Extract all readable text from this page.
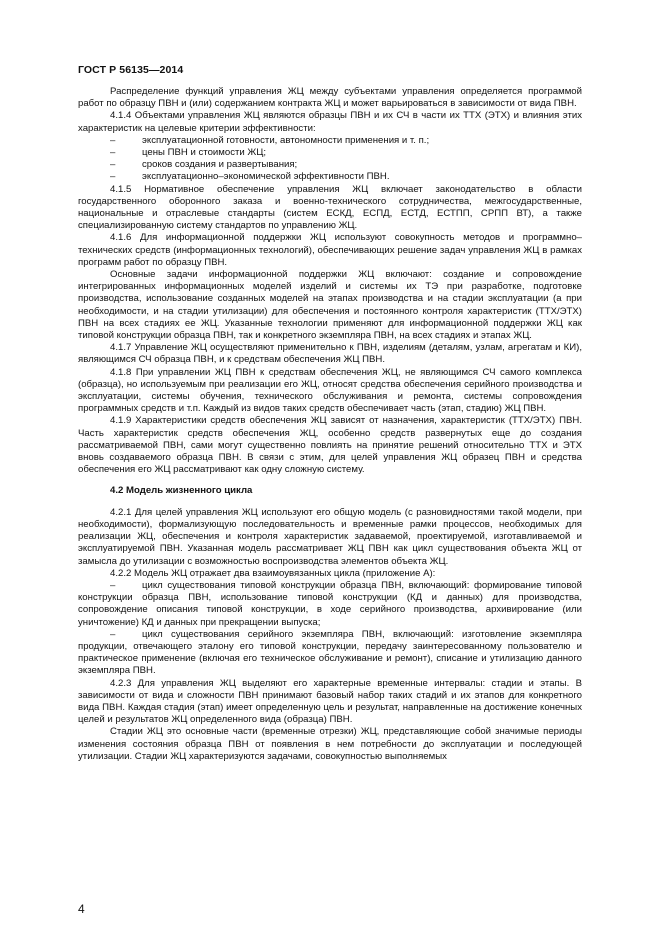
ГОСТ Р 56135—2014

Распределение функций управления ЖЦ между субъектами управления определяется программой работ по образцу ПВН и (или) содержанием контракта ЖЦ и может варьироваться в зависимости от вида ПВН.

4.1.4 Объектами управления ЖЦ являются образцы ПВН и их СЧ в части их ТТХ (ЭТХ) и влияния этих характеристик на целевые критерии эффективности:

–	эксплуатационной готовности, автономности применения и т. п.;
–	цены ПВН и стоимости ЖЦ;
–	сроков создания и развертывания;
–	эксплуатационно–экономической эффективности ПВН.

4.1.5 Нормативное обеспечение управления ЖЦ включает законодательство в области государственного оборонного заказа и военно-технического сотрудничества, межгосударственные, национальные и отраслевые стандарты (систем ЕСКД, ЕСПД, ЕСТД, ЕСТПП, СРПП ВТ), а также специализированную систему стандартов по управлению ЖЦ.

4.1.6 Для информационной поддержки ЖЦ используют совокупность методов и программно–технических средств (информационных технологий), обеспечивающих решение задач управления ЖЦ в рамках программ работ по образцу ПВН.

Основные задачи информационной поддержки ЖЦ включают: создание и сопровождение интегрированных информационных моделей изделий и системы их ТЭ при разработке, подготовке производства, использование созданных моделей на этапах производства и на стадии эксплуатации (а при необходимости, и на стадии утилизации) для обеспечения и постоянного контроля характеристик (ТТХ/ЭТХ) ПВН на всех стадиях ее ЖЦ. Указанные технологии применяют для информационной поддержки ЖЦ как типовой конструкции образца ПВН, так и конкретного экземпляра ПВН, на всех стадиях и этапах ЖЦ.

4.1.7 Управление ЖЦ осуществляют применительно к ПВН, изделиям (деталям, узлам, агрегатам и КИ), являющимся СЧ образца ПВН, и к средствам обеспечения ЖЦ ПВН.

4.1.8 При управлении ЖЦ ПВН к средствам обеспечения ЖЦ, не являющимся СЧ самого комплекса (образца), но используемым при реализации его ЖЦ, относят средства обеспечения серийного производства и эксплуатации, системы обучения, технического обслуживания и ремонта, системы сопровождения программных средств и т.п. Каждый из видов таких средств обеспечивает часть (этап, стадию) ЖЦ ПВН.

4.1.9 Характеристики средств обеспечения ЖЦ зависят от назначения, характеристик (ТТХ/ЭТХ) ПВН. Часть характеристик средств обеспечения ЖЦ, особенно средств развернутых еще до создания рассматриваемой ПВН, сами могут существенно повлиять на принятие решений относительно ТТХ и ЭТХ вновь создаваемого образца ПВН. В связи с этим, для целей управления ЖЦ образец ПВН и средства обеспечения его ЖЦ рассматривают как одну сложную систему.

4.2 Модель жизненного цикла

4.2.1 Для целей управления ЖЦ используют его общую модель (с разновидностями такой модели, при необходимости), формализующую последовательность и временные рамки процессов, необходимых для реализации ЖЦ, обеспечения и контроля характеристик задаваемой, проектируемой, изготавливаемой и эксплуатируемой ПВН. Указанная модель рассматривает ЖЦ ПВН как цикл существования объекта ЖЦ от замысла до утилизации с возможностью воспроизводства элементов объекта ЖЦ.

4.2.2 Модель ЖЦ отражает два взаимоувязанных цикла (приложение А):

–	цикл существования типовой конструкции образца ПВН, включающий: формирование типовой конструкции образца ПВН, использование типовой конструкции (КД и данных) для производства, сопровождение описания типовой конструкции, в ходе серийного производства, архивирование (или уничтожение) КД и данных при прекращении выпуска;
–	цикл существования серийного экземпляра ПВН, включающий: изготовление экземпляра продукции, отвечающего эталону его типовой конструкции, передачу заинтересованному пользователю и практическое применение (включая его техническое обслуживание и ремонт), списание и утилизацию данного экземпляра ПВН.

4.2.3 Для управления ЖЦ выделяют его характерные временные интервалы: стадии и этапы. В зависимости от вида и сложности ПВН принимают базовый набор таких стадий и их этапов для конкретного вида ПВН. Каждая стадия (этап) имеет определенную цель и результат, направленные на достижение конечных целей и результатов ЖЦ определенного вида (образца) ПВН.

Стадии ЖЦ это основные части (временные отрезки) ЖЦ, представляющие собой значимые периоды изменения состояния образца ПВН от появления в нем потребности до эксплуатации и последующей утилизации. Стадии ЖЦ характеризуются задачами, совокупностью выполняемых

4
